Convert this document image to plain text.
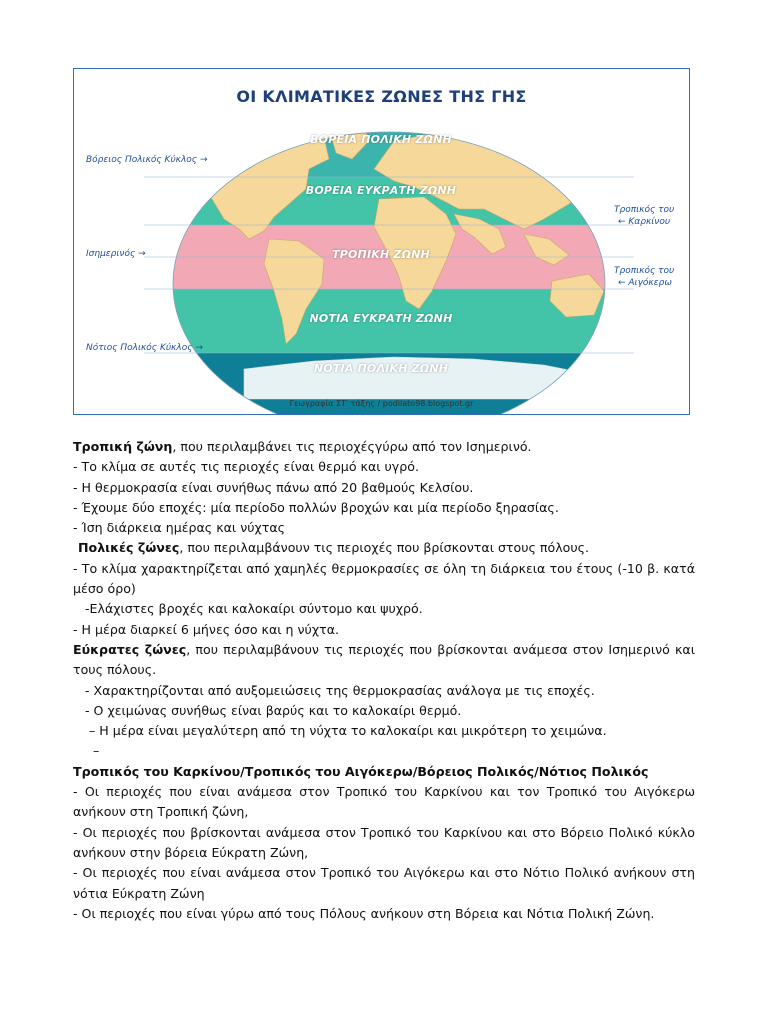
ΟΙ ΚΛΙΜΑΤΙΚΕΣ ΖΩΝΕΣ ΤΗΣ ΓΗΣ
ΒΟΡΕΙΑ ΠΟΛΙΚΗ ΖΩΝΗ
ΒΟΡΕΙΑ ΕΥΚΡΑΤΗ ΖΩΝΗ
ΤΡΟΠΙΚΗ ΖΩΝΗ
ΝΟΤΙΑ ΕΥΚΡΑΤΗ ΖΩΝΗ
ΝΟΤΙΑ ΠΟΛΙΚΗ ΖΩΝΗ
Βόρειος Πολικός Κύκλος →
Ισημερινός →
Νότιος Πολικός Κύκλος →
Τροπικός του
← Καρκίνου
Τροπικός του
← Αιγόκερω
Γεωγραφία ΣΤ' τάξης / podilato98.blogspot.gr

Τροπική ζώνη, που περιλαμβάνει τις περιοχέςγύρω από τον Ισημερινό.

- Το κλίμα σε αυτές τις περιοχές είναι θερμό και υγρό.

- Η θερμοκρασία είναι συνήθως πάνω από 20 βαθμούς Κελσίου.

- Έχουμε δύο εποχές: μία περίοδο πολλών βροχών και μία περίοδο ξηρασίας.

- Ίση διάρκεια ημέρας και νύχτας

Πολικές ζώνες, που περιλαμβάνουν τις περιοχές που βρίσκονται στους πόλους.

- Το κλίμα χαρακτηρίζεται από χαμηλές θερμοκρασίες σε όλη τη διάρκεια του έτους (-10 β. κατά μέσο όρο)

-Ελάχιστες βροχές και καλοκαίρι σύντομο και ψυχρό.

- Η μέρα διαρκεί 6 μήνες όσο και η νύχτα.

Εύκρατες ζώνες, που περιλαμβάνουν τις περιοχές που βρίσκονται ανάμεσα στον Ισημερινό και τους πόλους.

- Χαρακτηρίζονται από αυξομειώσεις της θερμοκρασίας ανάλογα με τις εποχές.

- Ο χειμώνας συνήθως είναι βαρύς και το καλοκαίρι θερμό.

– Η μέρα είναι μεγαλύτερη από τη νύχτα το καλοκαίρι και μικρότερη το χειμώνα.

–

Τροπικός του Καρκίνου/Τροπικός του Αιγόκερω/Βόρειος Πολικός/Νότιος Πολικός

- Οι περιοχές που είναι ανάμεσα στον Τροπικό του Καρκίνου και τον Τροπικό του Αιγόκερω ανήκουν στη Τροπική ζώνη,

- Οι περιοχές που βρίσκονται ανάμεσα στον Τροπικό του Καρκίνου και στο Βόρειο Πολικό κύκλο ανήκουν στην βόρεια Εύκρατη Ζώνη,

- Οι περιοχές που είναι ανάμεσα στον Τροπικό του Αιγόκερω και στο Νότιο Πολικό ανήκουν στη νότια Εύκρατη Ζώνη

- Οι περιοχές που είναι γύρω από τους Πόλους ανήκουν στη Βόρεια και Νότια Πολική Ζώνη.
